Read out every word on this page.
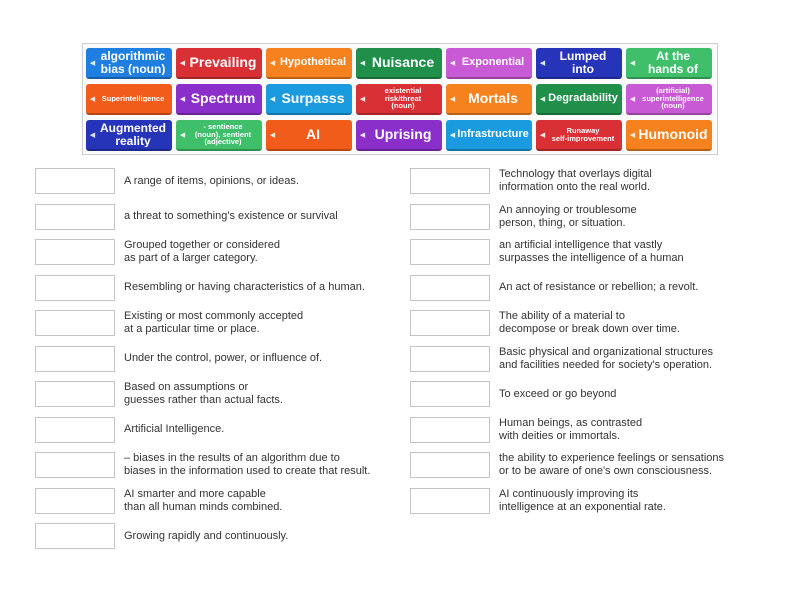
◀
algorithmic
bias (noun)	◀ Prevailing	◀ Hypothetical	◀ Nuisance	◀ Exponential	◀
Lumped
into	◀
At the
hands of
◀ Superintelligence	◀ Spectrum	◀ Surpasss	◀
existential
risk/threat
(noun)
◀ Mortals	◀ Degradability ◀
(artificial)
superintelligence
(noun)
◀
Augmented
reality	◀
- sentience
(noun), sentient
(adjective)
◀	AI	◀ Uprising	◀ Infrastructure ◀
Runaway
self-improvement	◀ Humonoid
A range of items, opinions, or ideas.
a threat to something's existence or survival
Grouped together or considered
as part of a larger category.
Resembling or having characteristics of a human.
Existing or most commonly accepted
at a particular time or place.
Under the control, power, or influence of.
Based on assumptions or
guesses rather than actual facts.
Artificial Intelligence.
– biases in the results of an algorithm due to
biases in the information used to create that result.
AI smarter and more capable
than all human minds combined.
Growing rapidly and continuously.
Technology that overlays digital
information onto the real world.
An annoying or troublesome
person, thing, or situation.
an artificial intelligence that vastly
surpasses the intelligence of a human
An act of resistance or rebellion; a revolt.
The ability of a material to
decompose or break down over time.
Basic physical and organizational structures
and facilities needed for society's operation.
To exceed or go beyond
Human beings, as contrasted
with deities or immortals.
the ability to experience feelings or sensations
or to be aware of one's own consciousness.
AI continuously improving its
intelligence at an exponential rate.
